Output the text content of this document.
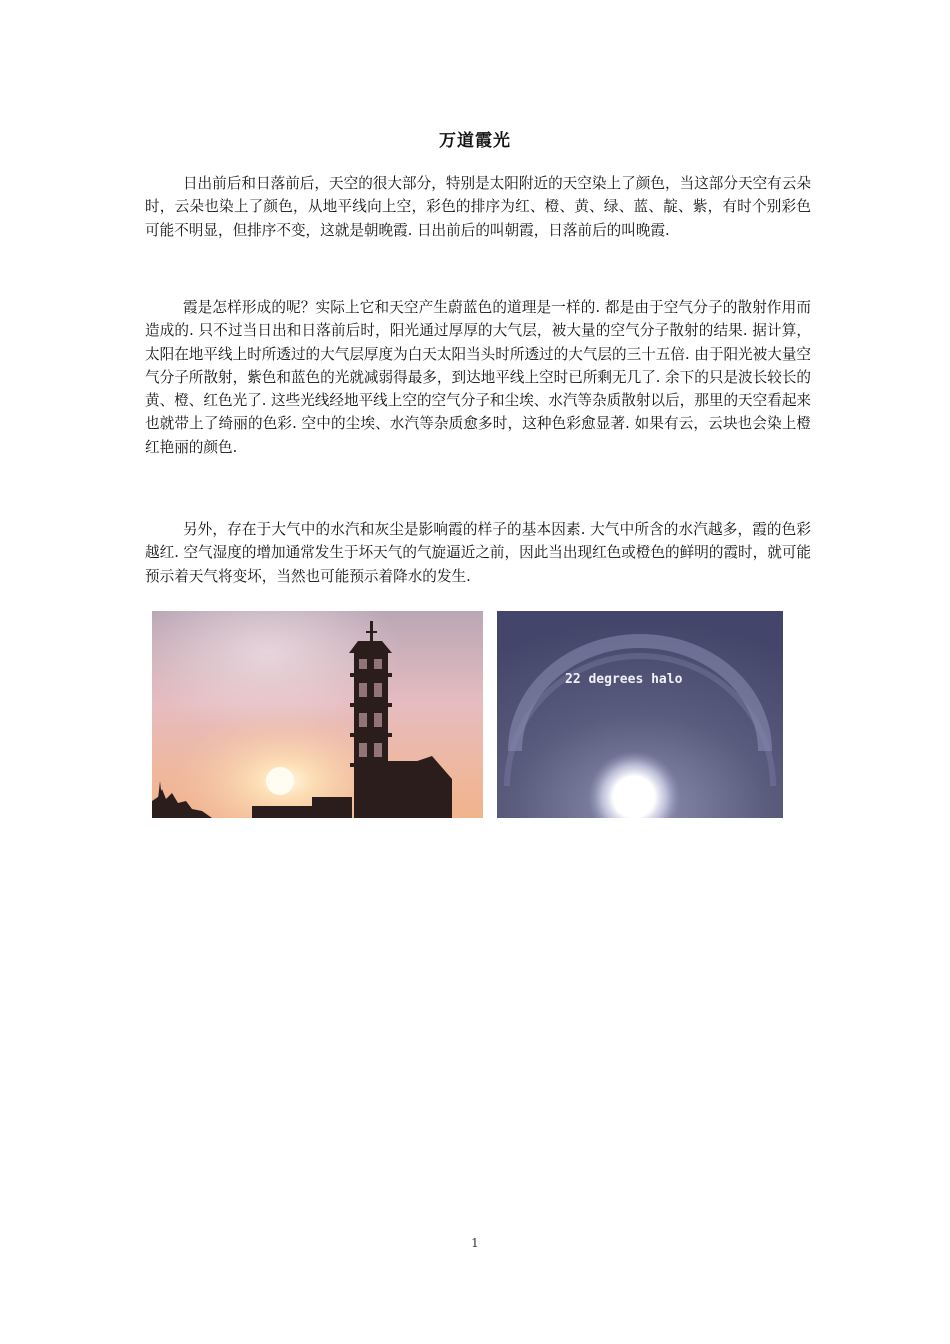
万道霞光

日出前后和日落前后，天空的很大部分，特别是太阳附近的天空染上了颜色，当这部分天空有云朵时，云朵也染上了颜色，从地平线向上空，彩色的排序为红、橙、黄、绿、蓝、靛、紫，有时个别彩色可能不明显，但排序不变，这就是朝晚霞. 日出前后的叫朝霞，日落前后的叫晚霞.

霞是怎样形成的呢？实际上它和天空产生蔚蓝色的道理是一样的. 都是由于空气分子的散射作用而造成的. 只不过当日出和日落前后时，阳光通过厚厚的大气层，被大量的空气分子散射的结果. 据计算，太阳在地平线上时所透过的大气层厚度为白天太阳当头时所透过的大气层的三十五倍. 由于阳光被大量空气分子所散射，紫色和蓝色的光就减弱得最多，到达地平线上空时已所剩无几了. 余下的只是波长较长的黄、橙、红色光了. 这些光线经地平线上空的空气分子和尘埃、水汽等杂质散射以后，那里的天空看起来也就带上了绮丽的色彩. 空中的尘埃、水汽等杂质愈多时，这种色彩愈显著. 如果有云，云块也会染上橙红艳丽的颜色.

另外，存在于大气中的水汽和灰尘是影响霞的样子的基本因素. 大气中所含的水汽越多，霞的色彩越红. 空气湿度的增加通常发生于坏天气的气旋逼近之前，因此当出现红色或橙色的鲜明的霞时，就可能预示着天气将变坏，当然也可能预示着降水的发生.

22 degrees halo
1
